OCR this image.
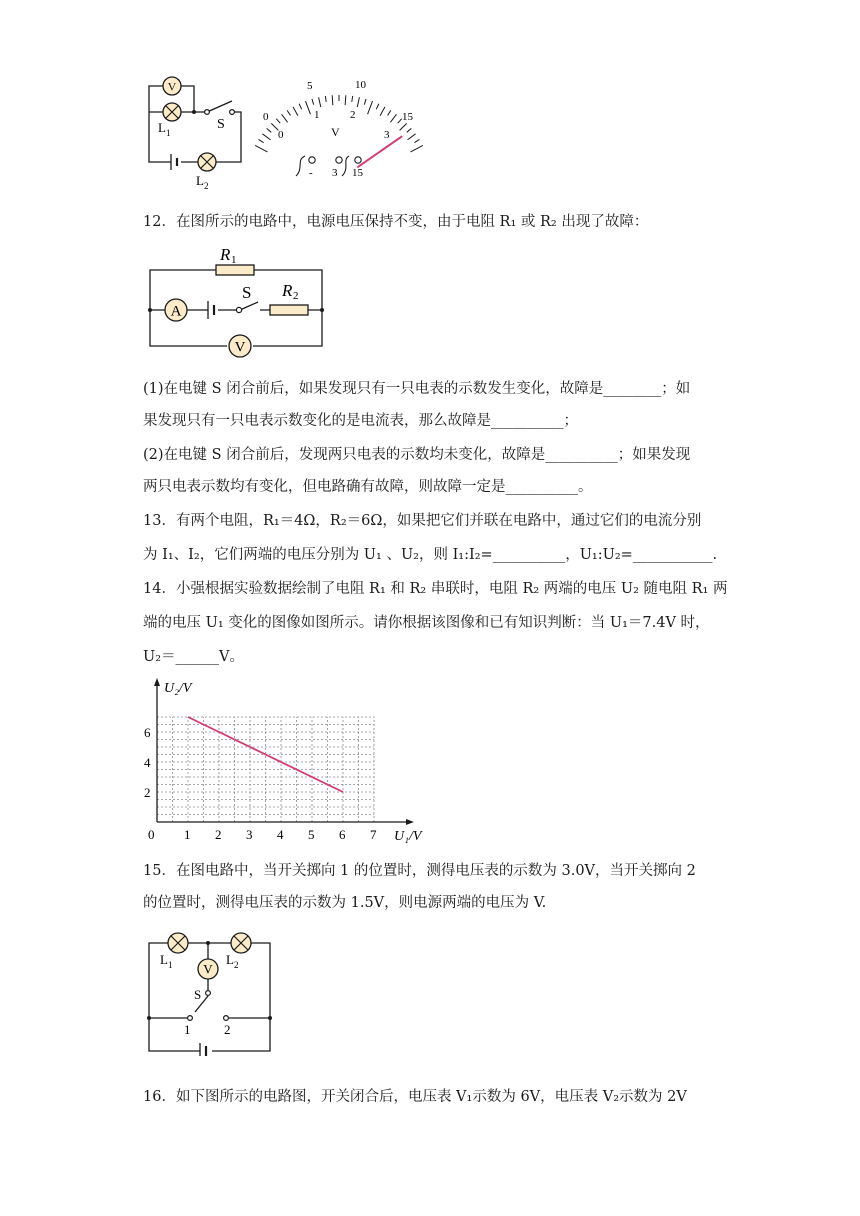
V
L 1
S
L 2
0
5	10
15
0
1	2
3
V
- 3 15
12．在图所示的电路中，电源电压保持不变，由于电阻 R₁ 或 R₂ 出现了故障：
A
V
R 1
S R 2
(1)在电键 S 闭合前后，如果发现只有一只电表的示数发生变化，故障是________；如
果发现只有一只电表示数变化的是电流表，那么故障是__________；
(2)在电键 S 闭合前后，发现两只电表的示数均未变化，故障是__________；如果发现
两只电表示数均有变化，但电路确有故障，则故障一定是__________。
13．有两个电阻，R₁＝4Ω，R₂＝6Ω，如果把它们并联在电路中，通过它们的电流分别
为 I₁、I₂，它们两端的电压分别为 U₁ 、U₂，则 I₁:I₂=__________，U₁:U₂=___________.
14．小强根据实验数据绘制了电阻 R₁ 和 R₂ 串联时，电阻 R₂ 两端的电压 U₂ 随电阻 R₁ 两
端的电压 U₁ 变化的图像如图所示。请你根据该图像和已有知识判断：当 U₁＝7.4V 时，
U₂＝______V。
0 1 2 3 4 5 6 7
2
4
6
U₂/V
U₁/V
15．在图电路中，当开关掷向 1 的位置时，测得电压表的示数为 3.0V，当开关掷向 2
的位置时，测得电压表的示数为 1.5V，则电源两端的电压为 V.
V
L 1	L 2
S
1	2
16．如下图所示的电路图，开关闭合后，电压表 V₁示数为 6V，电压表 V₂示数为 2V
